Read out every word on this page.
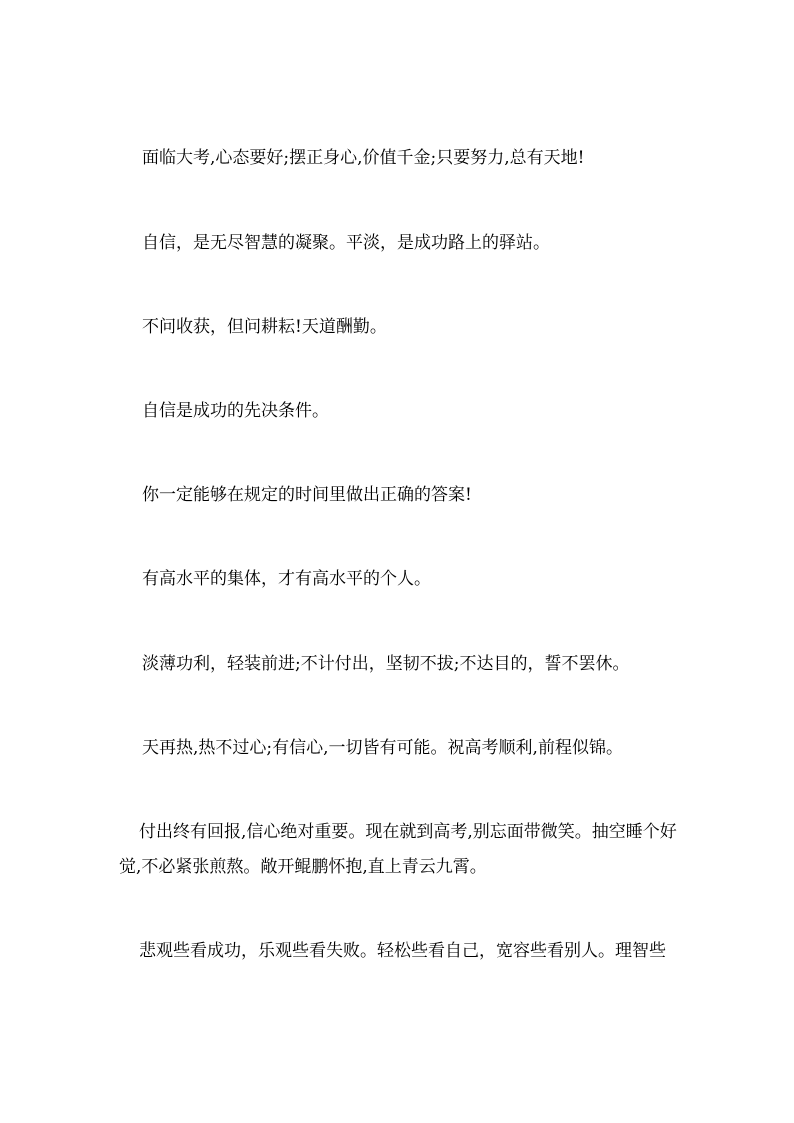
面临大考,心态要好;摆正身心,价值千金;只要努力,总有天地!

自信，是无尽智慧的凝聚。平淡，是成功路上的驿站。

不问收获，但问耕耘!天道酬勤。

自信是成功的先决条件。

你一定能够在规定的时间里做出正确的答案!

有高水平的集体，才有高水平的个人。

淡薄功利，轻装前进;不计付出，坚韧不拔;不达目的，誓不罢休。

天再热,热不过心;有信心,一切皆有可能。祝高考顺利,前程似锦。

付出终有回报,信心绝对重要。现在就到高考,别忘面带微笑。抽空睡个好觉,不必紧张煎熬。敞开鲲鹏怀抱,直上青云九霄。

悲观些看成功，乐观些看失败。轻松些看自己，宽容些看别人。理智些
